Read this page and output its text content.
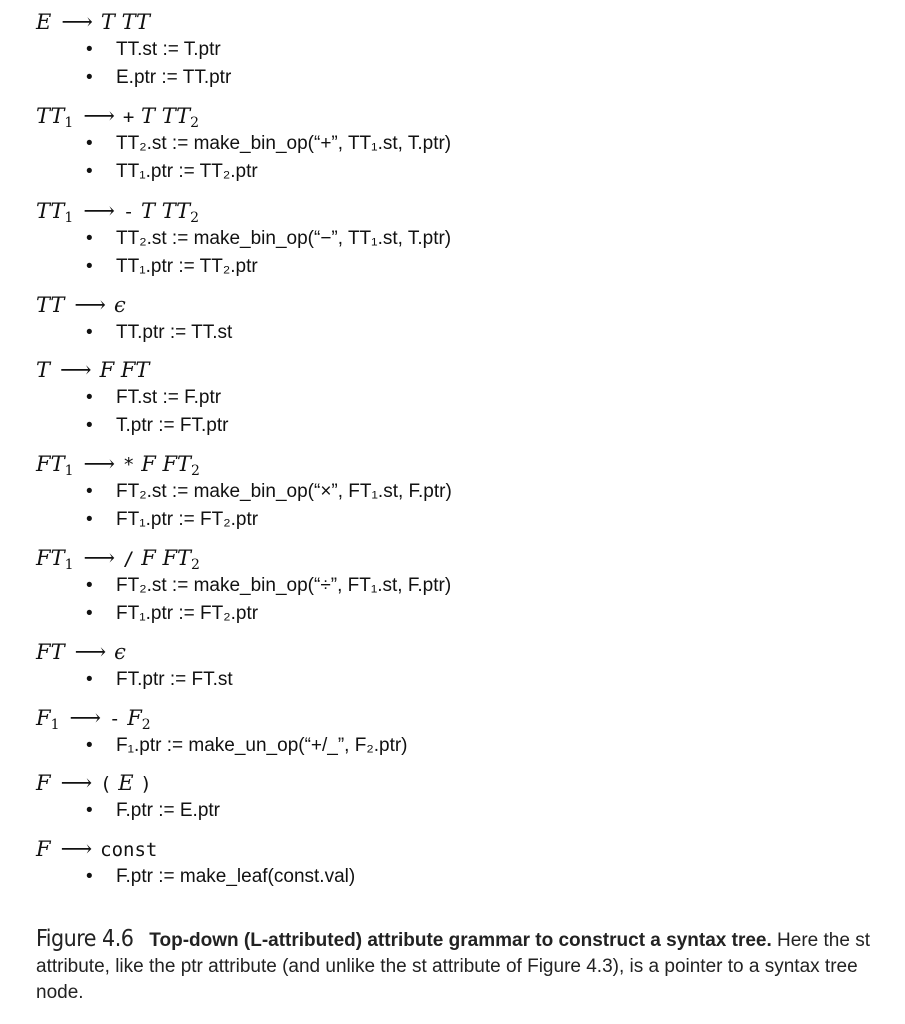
E ⟶ T TT
• TT.st := T.ptr
• E.ptr := TT.ptr
$TT_1$ ⟶ + T $TT_2$
• TT₂.st := make_bin_op(“+”, TT₁.st, T.ptr)
• TT₁.ptr := TT₂.ptr
$TT_1$ ⟶ - T $TT_2$
• TT₂.st := make_bin_op(“−”, TT₁.st, T.ptr)
• TT₁.ptr := TT₂.ptr
TT ⟶ ϵ
• TT.ptr := TT.st
T ⟶ F FT
• FT.st := F.ptr
• T.ptr := FT.ptr
$FT_1$ ⟶ * F $FT_2$
• FT₂.st := make_bin_op(“×”, FT₁.st, F.ptr)
• FT₁.ptr := FT₂.ptr
$FT_1$ ⟶ / F $FT_2$
• FT₂.st := make_bin_op(“÷”, FT₁.st, F.ptr)
• FT₁.ptr := FT₂.ptr
FT ⟶ ϵ
• FT.ptr := FT.st
$F_1$ ⟶ - $F_2$
• F₁.ptr := make_un_op(“+/_”, F₂.ptr)
F ⟶ ( E )
• F.ptr := E.ptr
F ⟶ const
• F.ptr := make_leaf(const.val)
Figure 4.6 Top-down (L-attributed) attribute grammar to construct a syntax tree. Here the st attribute, like the ptr attribute (and unlike the st attribute of Figure 4.3), is a pointer to a syntax tree node.
